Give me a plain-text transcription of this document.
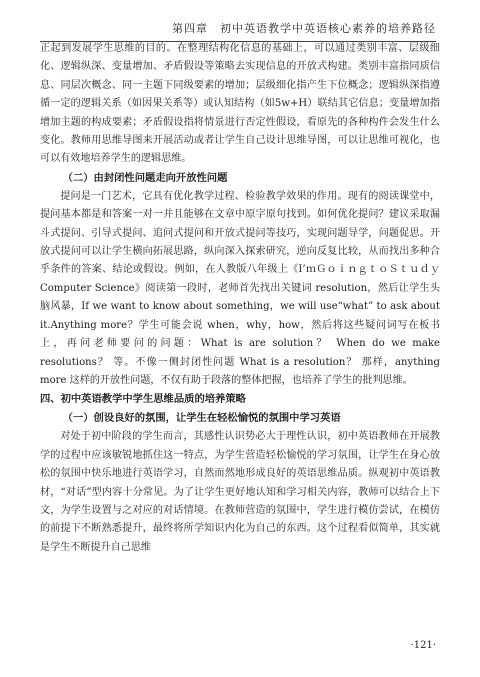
第四章　初中英语教学中英语核心素养的培养路径

正起到发展学生思维的目的。在整理结构化信息的基础上，可以通过类别丰富、层级细化、逻辑纵深、变量增加、矛盾假设等策略去实现信息的开放式构建。类别丰富指同质信息、同层次概念、同一主题下同级要素的增加；层级细化指产生下位概念；逻辑纵深指遵循一定的逻辑关系（如因果关系等）或认知结构（如5w+H）联结其它信息；变量增加指增加主题的构成要素；矛盾假设指将情景进行否定性假设，看原先的各种构件会发生什么变化。教师用思维导图来开展活动或者让学生自己设计思维导图，可以让思维可视化，也可以有效地培养学生的逻辑思维。

（二）由封闭性问题走向开放性问题

提问是一门艺术，它具有优化教学过程、检验教学效果的作用。现有的阅读课堂中，提问基本都是和答案一对一并且能够在文章中原字原句找到。如何优化提问？建议采取漏斗式提问、引导式提问、追问式提问和开放式提问等技巧，实现问题导学，问题促思。开放式提问可以让学生横向拓展思路，纵向深入探索研究，逆向反复比较，从而找出多种合乎条件的答案、结论或假设。例如，在人教版八年级上《I’ｍＧｏｉｎｇｔｏＳｔｕｄｙComputer Science》阅读第一段时，老师首先找出关键词 resolution，然后让学生头脑风暴，If we want to know about something，we will use“what” to ask about it.Anything more？学生可能会说 when，why，how，然后将这些疑问词写在板书上，再问老师要问的问题：What is are solution？ When do we make resolutions？ 等。不像一侧封闭性问题 What is a resolution？ 那样，anything more 这样的开放性问题，不仅有助于段落的整体把握，也培养了学生的批判思维。

四、初中英语教学中学生思维品质的培养策略
（一）创设良好的氛围，让学生在轻松愉悦的氛围中学习英语

对处于初中阶段的学生而言，其感性认识势必大于理性认识，初中英语教师在开展教学的过程中应该敏锐地抓住这一特点，为学生营造轻松愉悦的学习氛围，让学生在身心放松的氛围中快乐地进行英语学习，自然而然地形成良好的英语思维品质。纵观初中英语教材，“对话”型内容十分常见。为了让学生更好地认知和学习相关内容，教师可以结合上下文，为学生设置与之对应的对话情境。在教师营造的氛围中，学生进行模仿尝试，在模仿的前提下不断熟悉提升，最终将所学知识内化为自己的东西。这个过程看似简单，其实就是学生不断提升自己思维

·121·
